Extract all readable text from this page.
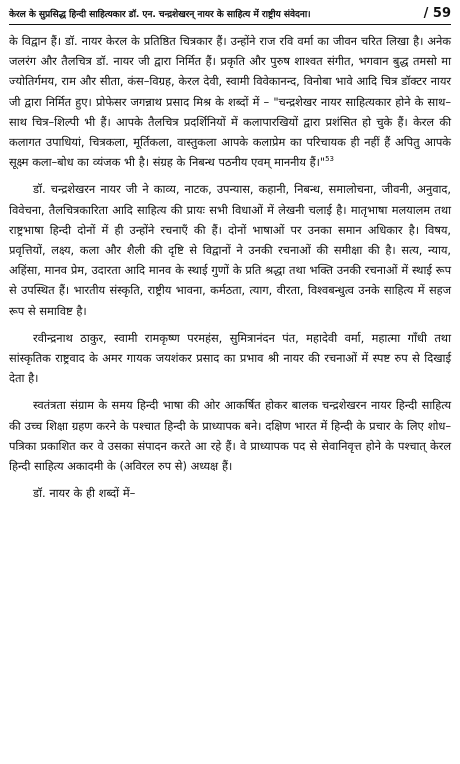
केरल के सुप्रसिद्ध हिन्दी साहित्यकार डॉ. एन. चन्द्रशेखरन् नायर के साहित्य में राष्ट्रीय संवेदना।	/ 59

के विद्वान हैं। डॉ. नायर केरल के प्रतिष्ठित चित्रकार हैं। उन्होंने राज रवि वर्मा का जीवन चरित लिखा है। अनेक जलरंग और तैलचित्र डॉ. नायर जी द्वारा निर्मित हैं। प्रकृति और पुरुष शाश्वत संगीत, भगवान बुद्ध तमसो मा ज्योतिर्गमय, राम और सीता, कंस–विग्रह, केरल देवी, स्वामी विवेकानन्द, विनोबा भावे आदि चित्र डॉक्टर नायर जी द्वारा निर्मित हुए। प्रोफेसर जगन्नाथ प्रसाद मिश्र के शब्दों में – "चन्द्रशेखर नायर साहित्यकार होने के साथ–साथ चित्र–शिल्पी भी हैं। आपके तैलचित्र प्रदर्शिनियों में कलापारखियों द्वारा प्रशंसित हो चुके हैं। केरल की कलागत उपाधियां, चित्रकला, मूर्तिकला, वास्तुकला आपके कलाप्रेम का परिचायक ही नहीं हैं अपितु आपके सूक्ष्म कला–बोध का व्यंजक भी है। संग्रह के निबन्ध पठनीय एवम् माननीय हैं।"$^{53}$

डॉ. चन्द्रशेखरन नायर जी ने काव्य, नाटक, उपन्यास, कहानी, निबन्ध, समालोचना, जीवनी, अनुवाद, विवेचना, तैलचित्रकारिता आदि साहित्य की प्रायः सभी विधाओं में लेखनी चलाई है। मातृभाषा मलयालम तथा राष्ट्रभाषा हिन्दी दोनों में ही उन्होंने रचनाएँ की हैं। दोनों भाषाओं पर उनका समान अधिकार है। विषय, प्रवृत्तियों, लक्ष्य, कला और शैली की दृष्टि से विद्वानों ने उनकी रचनाओं की समीक्षा की है। सत्य, न्याय, अहिंसा, मानव प्रेम, उदारता आदि मानव के स्थाई गुणों के प्रति श्रद्धा तथा भक्ति उनकी रचनाओं में स्थाई रूप से उपस्थित हैं। भारतीय संस्कृति, राष्ट्रीय भावना, कर्मठता, त्याग, वीरता, विश्वबन्धुत्व उनके साहित्य में सहज रूप से समाविष्ट है।

रवीन्द्रनाथ ठाकुर, स्वामी रामकृष्ण परमहंस, सुमित्रानंदन पंत, महादेवी वर्मा, महात्मा गाँधी तथा सांस्कृतिक राष्ट्रवाद के अमर गायक जयशंकर प्रसाद का प्रभाव श्री नायर की रचनाओं में स्पष्ट रुप से दिखाई देता है।

स्वतंत्रता संग्राम के समय हिन्दी भाषा की ओर आकर्षित होकर बालक चन्द्रशेखरन नायर हिन्दी साहित्य की उच्च शिक्षा ग्रहण करने के पश्चात हिन्दी के प्राध्यापक बने। दक्षिण भारत में हिन्दी के प्रचार के लिए शोध–पत्रिका प्रकाशित कर वे उसका संपादन करते आ रहे हैं। वे प्राध्यापक पद से सेवानिवृत्त होने के पश्चात् केरल हिन्दी साहित्य अकादमी के (अविरल रुप से) अध्यक्ष हैं।

डॉ. नायर के ही शब्दों में–
